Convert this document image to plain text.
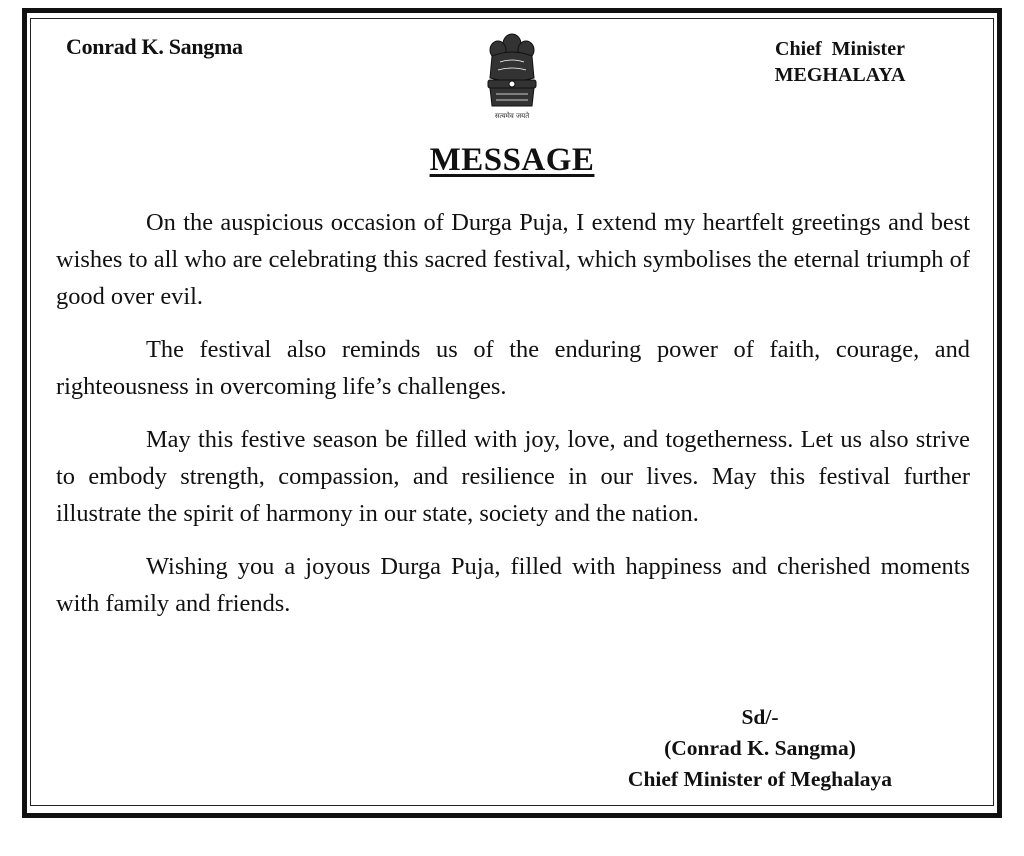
Conrad K. Sangma
सत्यमेव जयते
Chief  Minister
MEGHALAYA
MESSAGE

On the auspicious occasion of Durga Puja, I extend my heartfelt greetings and best wishes to all who are celebrating this sacred festival, which symbolises the eternal triumph of good over evil.

The festival also reminds us of the enduring power of faith, courage, and righteousness in overcoming life’s challenges.

May this festive season be filled with joy, love, and togetherness. Let us also strive to embody strength, compassion, and resilience in our lives. May this festival further illustrate the spirit of harmony in our state, society and the nation.

Wishing you a joyous Durga Puja, filled with happiness and cherished moments with family and friends.

Sd/-
(Conrad K. Sangma)
Chief Minister of Meghalaya
